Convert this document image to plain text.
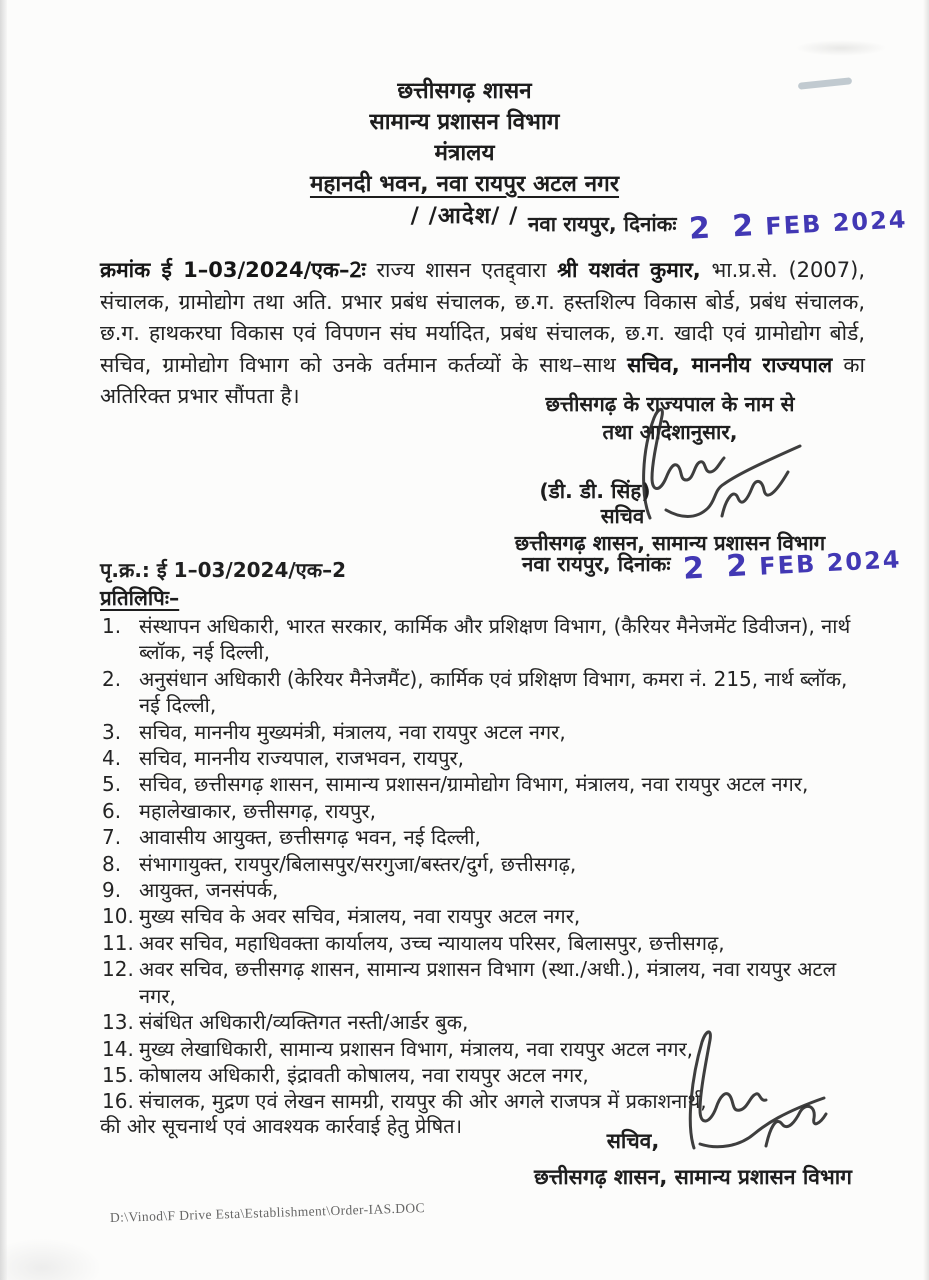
छत्तीसगढ़ शासन
सामान्य प्रशासन विभाग
मंत्रालय
महानदी भवन, नवा रायपुर अटल नगर
/ /आदेश/ / नवा रायपुर, दिनांकः 2 2 FEB 2024
क्रमांक ई 1–03/2024/एक–2ः राज्य शासन एतद्द्वारा श्री यशवंत कुमार, भा.प्र.से. (2007), संचालक, ग्रामोद्योग तथा अति. प्रभार प्रबंध संचालक, छ.ग. हस्तशिल्प विकास बोर्ड, प्रबंध संचालक, छ.ग. हाथकरघा विकास एवं विपणन संघ मर्यादित, प्रबंध संचालक, छ.ग. खादी एवं ग्रामोद्योग बोर्ड, सचिव, ग्रामोद्योग विभाग को उनके वर्तमान कर्तव्यों के साथ–साथ सचिव, माननीय राज्यपाल का अतिरिक्त प्रभार सौंपता है।	छत्तीसगढ़ के राज्यपाल के नाम से
तथा आदेशानुसार,
(डी. डी. सिंह)
सचिव
छत्तीसगढ़ शासन, सामान्य प्रशासन विभाग
पृ.क्र.: ई 1–03/2024/एक–2	नवा रायपुर, दिनांकः 2 2 FEB 2024
प्रतिलिपिः–
1. संस्थापन अधिकारी, भारत सरकार, कार्मिक और प्रशिक्षण विभाग, (कैरियर मैनेजमेंट डिवीजन), नार्थ ब्लॉक, नई दिल्ली,
2. अनुसंधान अधिकारी (केरियर मैनेजमैंट), कार्मिक एवं प्रशिक्षण विभाग, कमरा नं. 215, नार्थ ब्लॉक, नई दिल्ली,
3. सचिव, माननीय मुख्यमंत्री, मंत्रालय, नवा रायपुर अटल नगर,
4. सचिव, माननीय राज्यपाल, राजभवन, रायपुर,
5. सचिव, छत्तीसगढ़ शासन, सामान्य प्रशासन/ग्रामोद्योग विभाग, मंत्रालय, नवा रायपुर अटल नगर,
6. महालेखाकार, छत्तीसगढ़, रायपुर,
7. आवासीय आयुक्त, छत्तीसगढ़ भवन, नई दिल्ली,
8. संभागायुक्त, रायपुर/बिलासपुर/सरगुजा/बस्तर/दुर्ग, छत्तीसगढ़,
9. आयुक्त, जनसंपर्क,
10. मुख्य सचिव के अवर सचिव, मंत्रालय, नवा रायपुर अटल नगर,
11. अवर सचिव, महाधिवक्ता कार्यालय, उच्च न्यायालय परिसर, बिलासपुर, छत्तीसगढ़,
12. अवर सचिव, छत्तीसगढ़ शासन, सामान्य प्रशासन विभाग (स्था./अधी.), मंत्रालय, नवा रायपुर अटल नगर,
13. संबंधित अधिकारी/व्यक्तिगत नस्ती/आर्डर बुक,
14. मुख्य लेखाधिकारी, सामान्य प्रशासन विभाग, मंत्रालय, नवा रायपुर अटल नगर,
15. कोषालय अधिकारी, इंद्रावती कोषालय, नवा रायपुर अटल नगर,
16. संचालक, मुद्रण एवं लेखन सामग्री, रायपुर की ओर अगले राजपत्र में प्रकाशनार्थ,
की ओर सूचनार्थ एवं आवश्यक कार्रवाई हेतु प्रेषित।
सचिव,
छत्तीसगढ़ शासन, सामान्य प्रशासन विभाग
D:\Vinod\F Drive Esta\Establishment\Order-IAS.DOC
